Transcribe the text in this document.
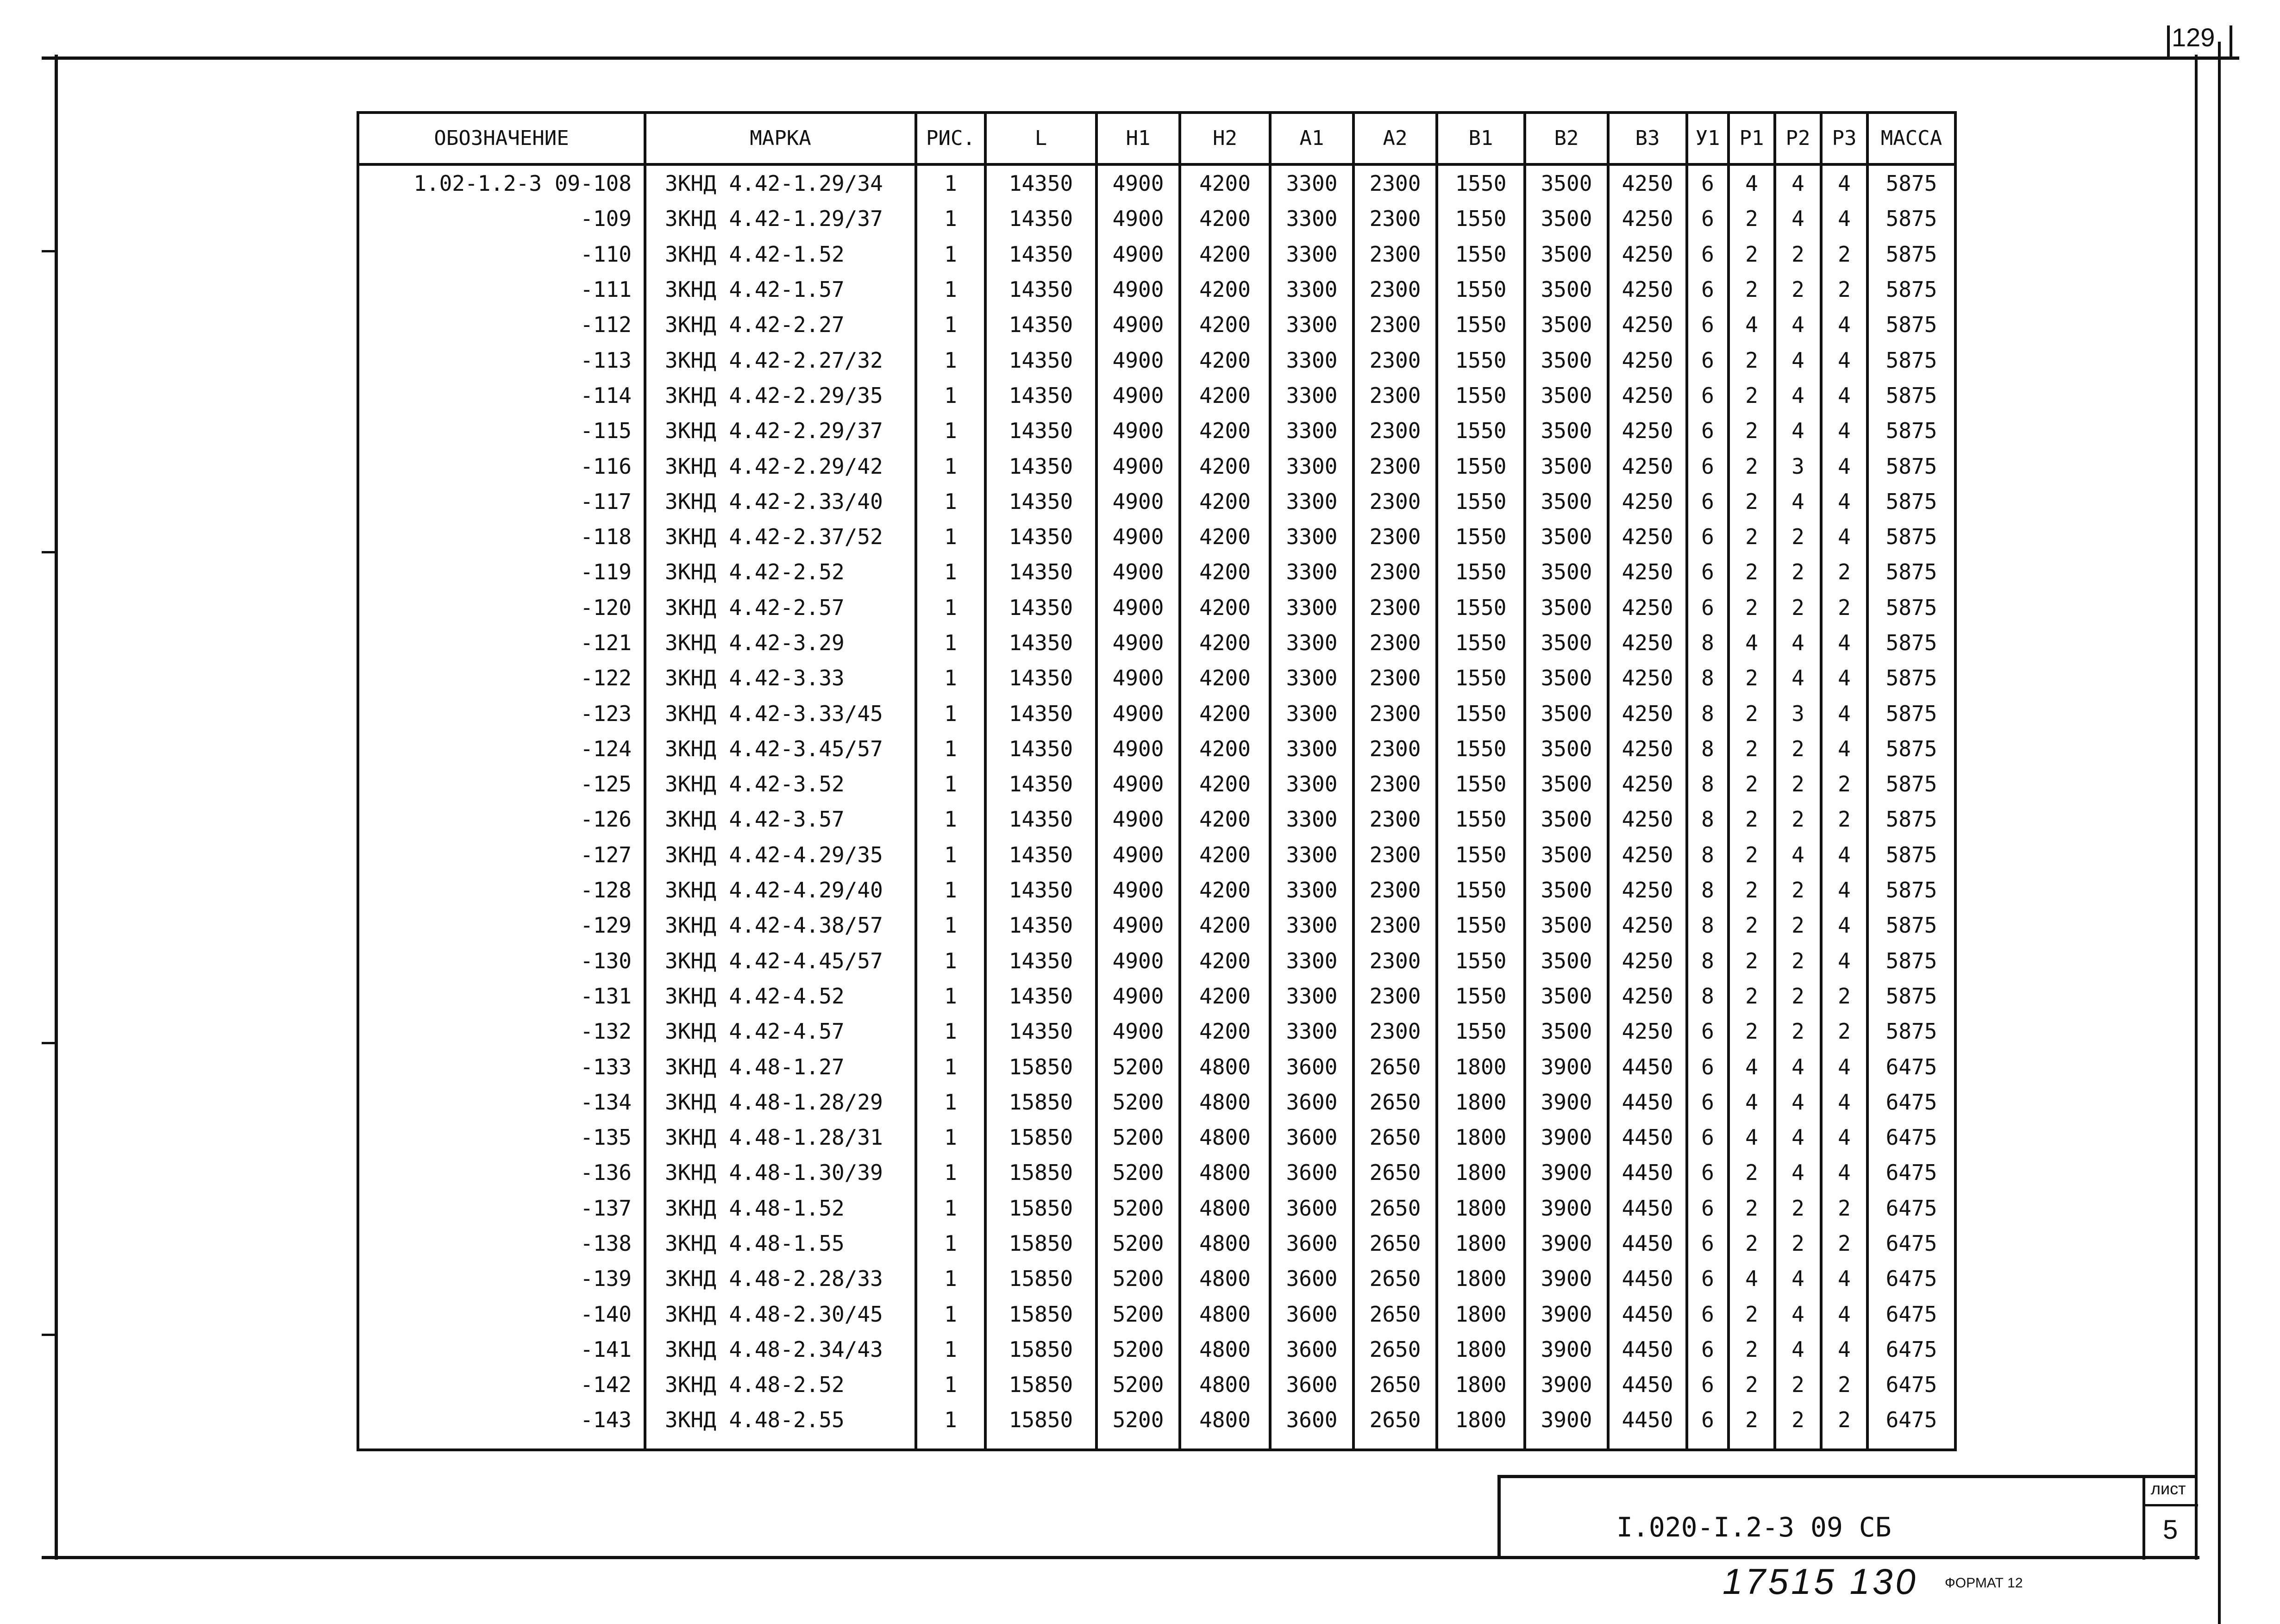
129
ОБОЗНАЧЕНИЕ	МАРКА	РИС.	L	H1	H2	A1	A2	B1	B2	B3	У1	Р1	Р2	Р3	МАССА
1.02-1.2-3 09-108	ЗКНД 4.42-1.29/34	1	14350	4900	4200	3300	2300	1550	3500	4250	6	4	4	4	5875
-109	ЗКНД 4.42-1.29/37	1	14350	4900	4200	3300	2300	1550	3500	4250	6	2	4	4	5875
-110	ЗКНД 4.42-1.52	1	14350	4900	4200	3300	2300	1550	3500	4250	6	2	2	2	5875
-111	ЗКНД 4.42-1.57	1	14350	4900	4200	3300	2300	1550	3500	4250	6	2	2	2	5875
-112	ЗКНД 4.42-2.27	1	14350	4900	4200	3300	2300	1550	3500	4250	6	4	4	4	5875
-113	ЗКНД 4.42-2.27/32	1	14350	4900	4200	3300	2300	1550	3500	4250	6	2	4	4	5875
-114	ЗКНД 4.42-2.29/35	1	14350	4900	4200	3300	2300	1550	3500	4250	6	2	4	4	5875
-115	ЗКНД 4.42-2.29/37	1	14350	4900	4200	3300	2300	1550	3500	4250	6	2	4	4	5875
-116	ЗКНД 4.42-2.29/42	1	14350	4900	4200	3300	2300	1550	3500	4250	6	2	3	4	5875
-117	ЗКНД 4.42-2.33/40	1	14350	4900	4200	3300	2300	1550	3500	4250	6	2	4	4	5875
-118	ЗКНД 4.42-2.37/52	1	14350	4900	4200	3300	2300	1550	3500	4250	6	2	2	4	5875
-119	ЗКНД 4.42-2.52	1	14350	4900	4200	3300	2300	1550	3500	4250	6	2	2	2	5875
-120	ЗКНД 4.42-2.57	1	14350	4900	4200	3300	2300	1550	3500	4250	6	2	2	2	5875
-121	ЗКНД 4.42-3.29	1	14350	4900	4200	3300	2300	1550	3500	4250	8	4	4	4	5875
-122	ЗКНД 4.42-3.33	1	14350	4900	4200	3300	2300	1550	3500	4250	8	2	4	4	5875
-123	ЗКНД 4.42-3.33/45	1	14350	4900	4200	3300	2300	1550	3500	4250	8	2	3	4	5875
-124	ЗКНД 4.42-3.45/57	1	14350	4900	4200	3300	2300	1550	3500	4250	8	2	2	4	5875
-125	ЗКНД 4.42-3.52	1	14350	4900	4200	3300	2300	1550	3500	4250	8	2	2	2	5875
-126	ЗКНД 4.42-3.57	1	14350	4900	4200	3300	2300	1550	3500	4250	8	2	2	2	5875
-127	ЗКНД 4.42-4.29/35	1	14350	4900	4200	3300	2300	1550	3500	4250	8	2	4	4	5875
-128	ЗКНД 4.42-4.29/40	1	14350	4900	4200	3300	2300	1550	3500	4250	8	2	2	4	5875
-129	ЗКНД 4.42-4.38/57	1	14350	4900	4200	3300	2300	1550	3500	4250	8	2	2	4	5875
-130	ЗКНД 4.42-4.45/57	1	14350	4900	4200	3300	2300	1550	3500	4250	8	2	2	4	5875
-131	ЗКНД 4.42-4.52	1	14350	4900	4200	3300	2300	1550	3500	4250	8	2	2	2	5875
-132	ЗКНД 4.42-4.57	1	14350	4900	4200	3300	2300	1550	3500	4250	6	2	2	2	5875
-133	ЗКНД 4.48-1.27	1	15850	5200	4800	3600	2650	1800	3900	4450	6	4	4	4	6475
-134	ЗКНД 4.48-1.28/29	1	15850	5200	4800	3600	2650	1800	3900	4450	6	4	4	4	6475
-135	ЗКНД 4.48-1.28/31	1	15850	5200	4800	3600	2650	1800	3900	4450	6	4	4	4	6475
-136	ЗКНД 4.48-1.30/39	1	15850	5200	4800	3600	2650	1800	3900	4450	6	2	4	4	6475
-137	ЗКНД 4.48-1.52	1	15850	5200	4800	3600	2650	1800	3900	4450	6	2	2	2	6475
-138	ЗКНД 4.48-1.55	1	15850	5200	4800	3600	2650	1800	3900	4450	6	2	2	2	6475
-139	ЗКНД 4.48-2.28/33	1	15850	5200	4800	3600	2650	1800	3900	4450	6	4	4	4	6475
-140	ЗКНД 4.48-2.30/45	1	15850	5200	4800	3600	2650	1800	3900	4450	6	2	4	4	6475
-141	ЗКНД 4.48-2.34/43	1	15850	5200	4800	3600	2650	1800	3900	4450	6	2	4	4	6475
-142	ЗКНД 4.48-2.52	1	15850	5200	4800	3600	2650	1800	3900	4450	6	2	2	2	6475
-143	ЗКНД 4.48-2.55	1	15850	5200	4800	3600	2650	1800	3900	4450	6	2	2	2	6475
I.020-I.2-3 09 СБ
лист
5
17515 130 ФОРМАТ 12
